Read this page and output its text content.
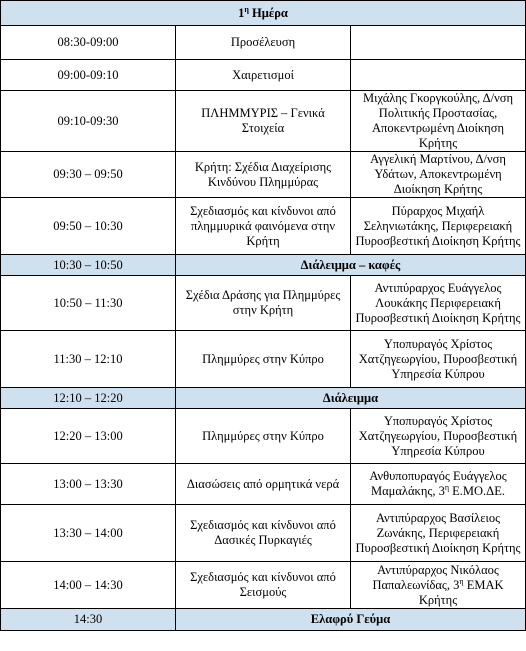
$1^\eta$ Ημέρα		
08:30-09:00	Προσέλευση	
09:00-09:10	Χαιρετισμοί	
09:10-09:30	ΠΛΗΜΜΥΡΙΣ – Γενικά Στοιχεία	Μιχάλης Γκοργκούλης, Δ/νση Πολιτικής Προστασίας, Αποκεντρωμένη Διοίκηση Κρήτης
09:30 – 09:50	Κρήτη: Σχέδια Διαχείρισης Κινδύνου Πλημμύρας	Αγγελική Μαρτίνου, Δ/νση Υδάτων, Αποκεντρωμένη Διοίκηση Κρήτης
09:50 – 10:30	Σχεδιασμός και κίνδυνοι από πλημμυρικά φαινόμενα στην Κρήτη	Πύραρχος Μιχαήλ Σεληνιωτάκης, Περιφερειακή Πυροσβεστική Διοίκηση Κρήτης
10:30 – 10:50	Διάλειμμα – καφές	
10:50 – 11:30	Σχέδια Δράσης για Πλημμύρες στην Κρήτη	Αντιπύραρχος Ευάγγελος Λουκάκης Περιφερειακή Πυροσβεστική Διοίκηση Κρήτης
11:30 – 12:10	Πλημμύρες στην Κύπρο	Υποπυραγός Χρίστος Χατζηγεωργίου, Πυροσβεστική Υπηρεσία Κύπρου
12:10 – 12:20	Διάλειμμα	
12:20 – 13:00	Πλημμύρες στην Κύπρο	Υποπυραγός Χρίστος Χατζηγεωργίου, Πυροσβεστική Υπηρεσία Κύπρου
13:00 – 13:30	Διασώσεις από ορμητικά νερά	Ανθυποπυραγός Ευάγγελος Μαμαλάκης, $3^\eta$ Ε.ΜΟ.ΔΕ.
13:30 – 14:00	Σχεδιασμός και κίνδυνοι από Δασικές Πυρκαγιές	Αντιπύραρχος Βασίλειος Ζωνάκης, Περιφερειακή Πυροσβεστική Διοίκηση Κρήτης
14:00 – 14:30	Σχεδιασμός και κίνδυνοι από Σεισμούς	Αντιπύραρχος Νικόλαος Παπαλεωνίδας, $3^\eta$ ΕΜΑΚ Κρήτης
14:30	Ελαφρύ Γεύμα	
